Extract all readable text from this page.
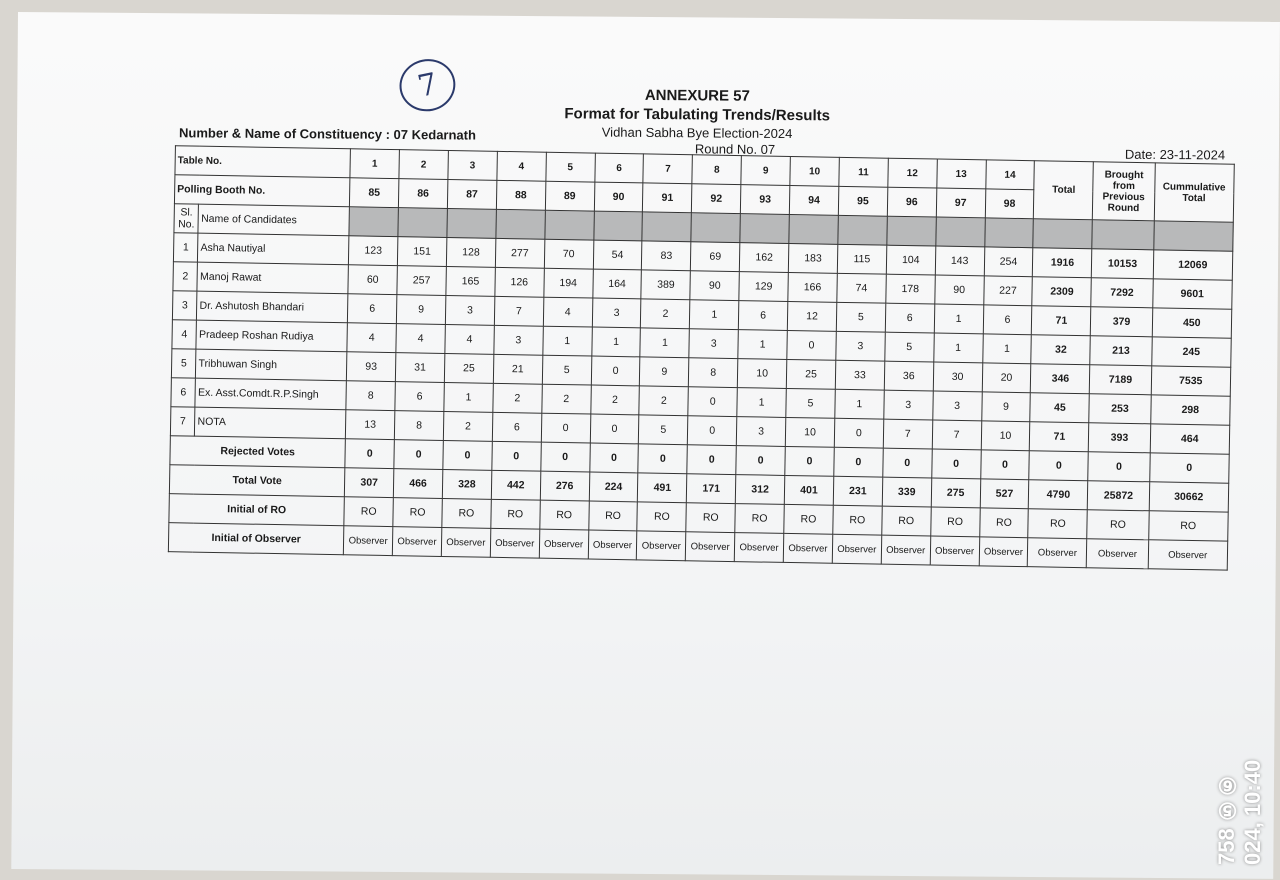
7	ANNEXURE 57
Format for Tabulating Trends/Results
Vidhan Sabha Bye Election-2024
Number & Name of Constituency : 07 Kedarnath
Round No. 07	Date: 23-11-2024
Table No.		1	2	3	4	5	6	7	8	9	10	11	12	13	14	Total	Brought from Previous Round	Cummulative Total
Polling Booth No.		85	86	87	88	89	90	91	92	93	94	95	96	97	98			
Sl. No.	Name of Candidates																	
1	Asha Nautiyal	123	151	128	277	70	54	83	69	162	183	115	104	143	254	1916	10153	12069
2	Manoj Rawat	60	257	165	126	194	164	389	90	129	166	74	178	90	227	2309	7292	9601
3	Dr. Ashutosh Bhandari	6	9	3	7	4	3	2	1	6	12	5	6	1	6	71	379	450
4	Pradeep Roshan Rudiya	4	4	4	3	1	1	1	3	1	0	3	5	1	1	32	213	245
5	Tribhuwan Singh	93	31	25	21	5	0	9	8	10	25	33	36	30	20	346	7189	7535
6	Ex. Asst.Comdt.R.P.Singh	8	6	1	2	2	2	2	0	1	5	1	3	3	9	45	253	298
7	NOTA	13	8	2	6	0	0	5	0	3	10	0	7	7	10	71	393	464
Rejected Votes		0	0	0	0	0	0	0	0	0	0	0	0	0	0	0	0	0
Total Vote		307	466	328	442	276	224	491	171	312	401	231	339	275	527	4790	25872	30662
Initial of RO		RO	RO	RO	RO	RO	RO	RO	RO	RO	RO	RO	RO	RO	RO	RO	RO	RO
Initial of Observer		Observer	Observer	Observer	Observer	Observer	Observer	Observer	Observer	Observer	Observer	Observer	Observer	Observer	Observer	Observer	Observer	Observer
758 ⑤⑥ 024, 10:40
